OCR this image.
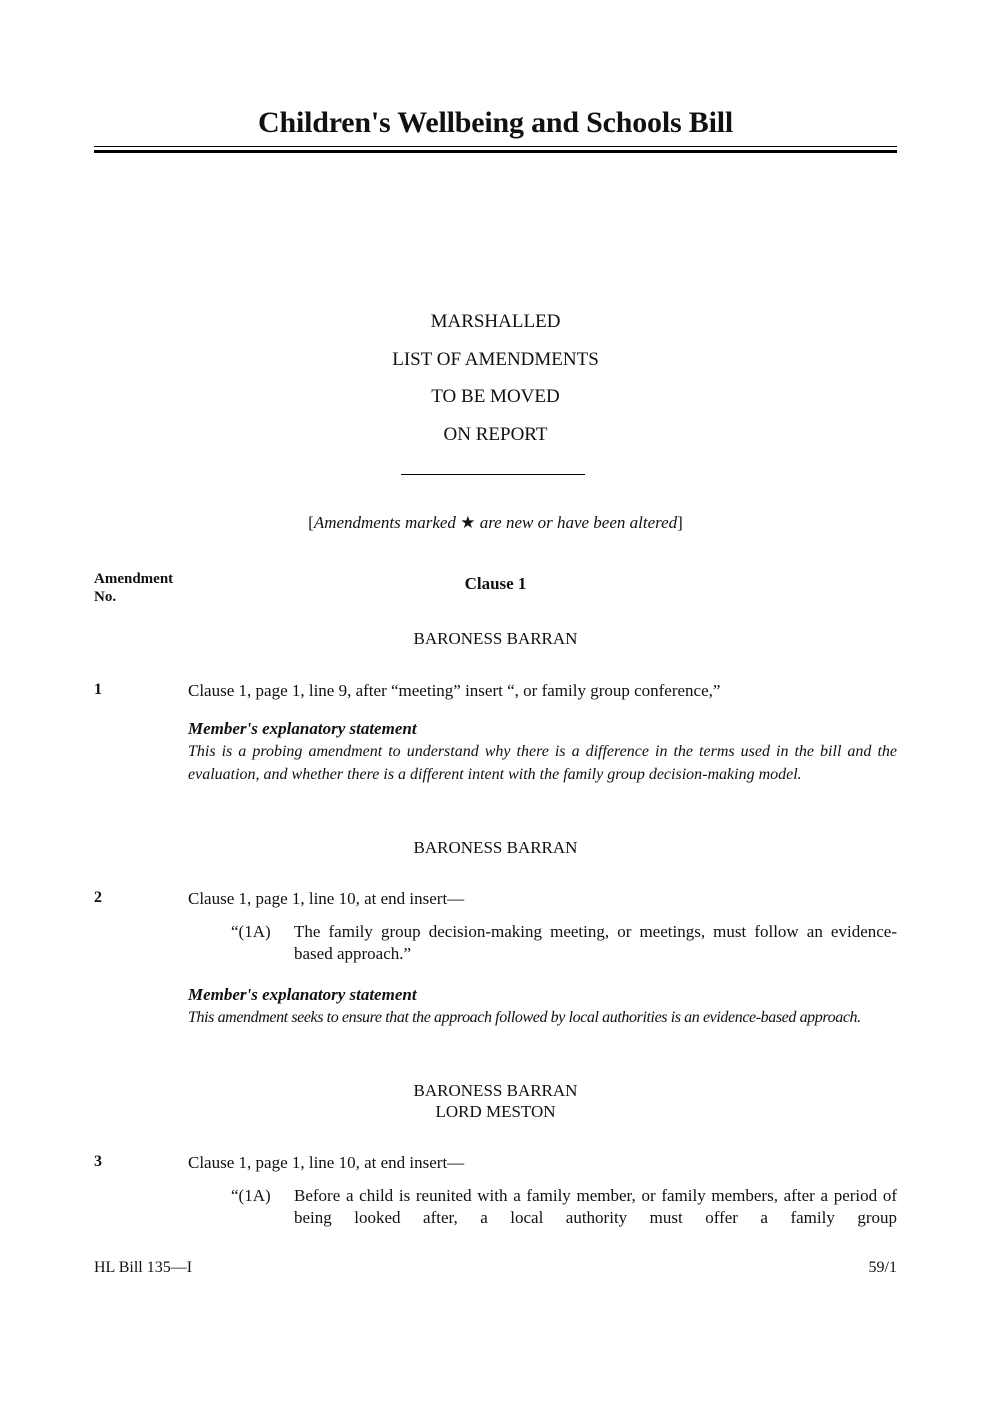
Children's Wellbeing and Schools Bill
MARSHALLED
LIST OF AMENDMENTS
TO BE MOVED
ON REPORT
[Amendments marked ★ are new or have been altered]
Amendment
No.
Clause 1
BARONESS BARRAN
1	Clause 1, page 1, line 9, after “meeting” insert “, or family group conference,”
Member's explanatory statement
This is a probing amendment to understand why there is a difference in the terms used in the bill and the evaluation, and whether there is a different intent with the family group decision-making model.
BARONESS BARRAN
2	Clause 1, page 1, line 10, at end insert—
“(1A) The family group decision-making meeting, or meetings, must follow an evidence-based approach.”
Member's explanatory statement
This amendment seeks to ensure that the approach followed by local authorities is an evidence-based approach.
BARONESS BARRAN
LORD MESTON
3	Clause 1, page 1, line 10, at end insert—
“(1A) Before a child is reunited with a family member, or family members, after a period of being looked after, a local authority must offer a family group
HL Bill 135—I	59/1
